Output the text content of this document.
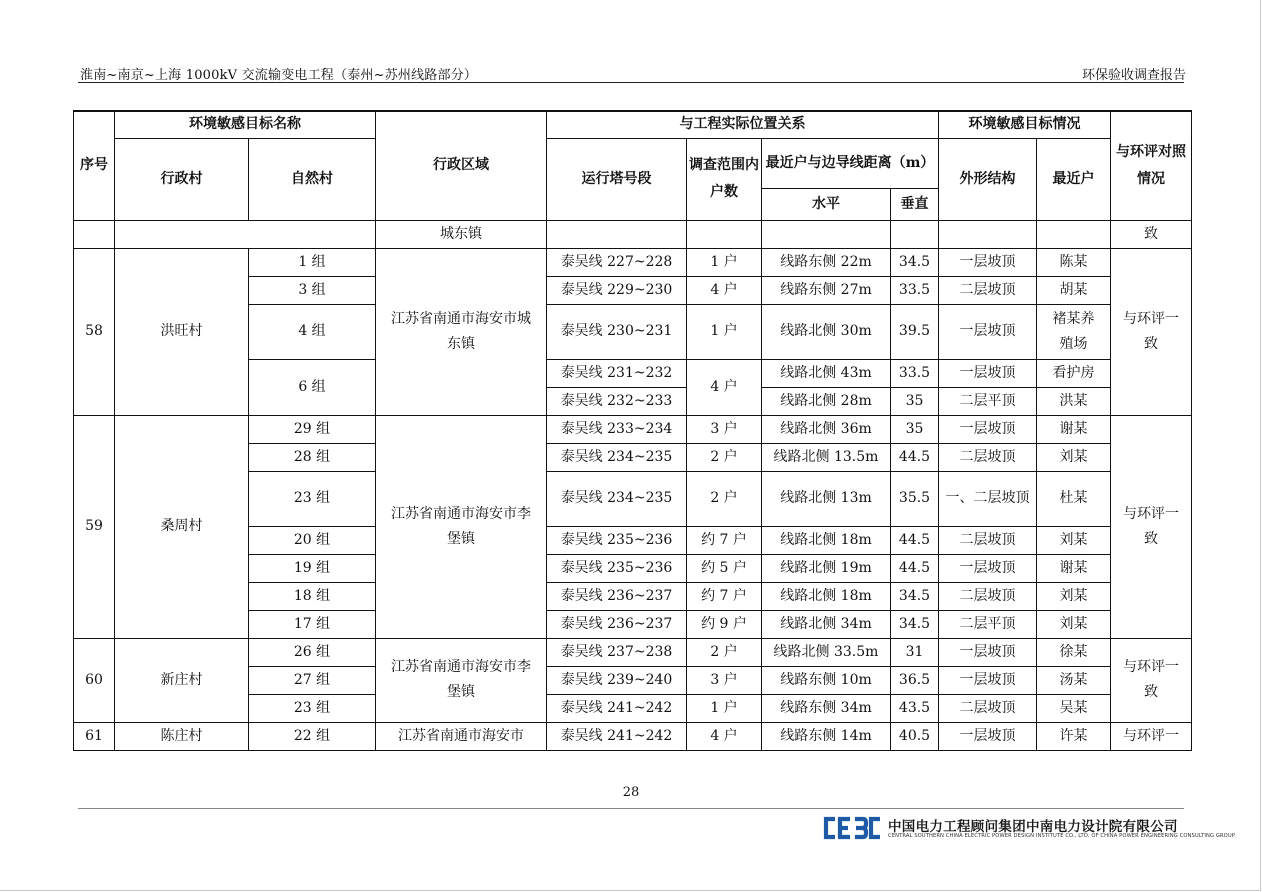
淮南~南京~上海 1000kV 交流输变电工程（泰州~苏州线路部分）	环保验收调查报告
序号	环境敏感目标名称		行政区域	与工程实际位置关系				环境敏感目标情况		与环评对照情况
	行政村	自然村		运行塔号段	调查范围内户数	最近户与边导线距离（m）		外形结构	最近户	
						水平	垂直			
			城东镇							致
58	洪旺村	1 组	江苏省南通市海安市城东镇	泰吴线 227~228	1 户	线路东侧 22m	34.5	一层坡顶	陈某	与环评一致
		3 组		泰吴线 229~230	4 户	线路东侧 27m	33.5	二层坡顶	胡某	
		4 组		泰吴线 230~231	1 户	线路北侧 30m	39.5	一层坡顶	褚某养殖场	
		6 组		泰吴线 231~232	4 户	线路北侧 43m	33.5	一层坡顶	看护房	
				泰吴线 232~233		线路北侧 28m	35	二层平顶	洪某	
59	桑周村	29 组	江苏省南通市海安市李堡镇	泰吴线 233~234	3 户	线路北侧 36m	35	一层坡顶	谢某	与环评一致
		28 组		泰吴线 234~235	2 户	线路北侧 13.5m	44.5	二层坡顶	刘某	
		23 组		泰吴线 234~235	2 户	线路北侧 13m	35.5	一、二层坡顶	杜某	
		20 组		泰吴线 235~236	约 7 户	线路北侧 18m	44.5	二层坡顶	刘某	
		19 组		泰吴线 235~236	约 5 户	线路北侧 19m	44.5	一层坡顶	谢某	
		18 组		泰吴线 236~237	约 7 户	线路北侧 18m	34.5	二层坡顶	刘某	
		17 组		泰吴线 236~237	约 9 户	线路北侧 34m	34.5	二层平顶	刘某	
60	新庄村	26 组	江苏省南通市海安市李堡镇	泰吴线 237~238	2 户	线路北侧 33.5m	31	一层坡顶	徐某	与环评一致
		27 组		泰吴线 239~240	3 户	线路东侧 10m	36.5	一层坡顶	汤某	
		23 组		泰吴线 241~242	1 户	线路东侧 34m	43.5	二层坡顶	吴某	
61	陈庄村	22 组	江苏省南通市海安市	泰吴线 241~242	4 户	线路东侧 14m	40.5	一层坡顶	许某	与环评一
28
中国电力工程顾问集团中南电力设计院有限公司
CENTRAL SOUTHERN CHINA ELECTRIC POWER DESIGN INSTITUTE CO., LTD. OF CHINA POWER ENGINEERING CONSULTING GROUP
